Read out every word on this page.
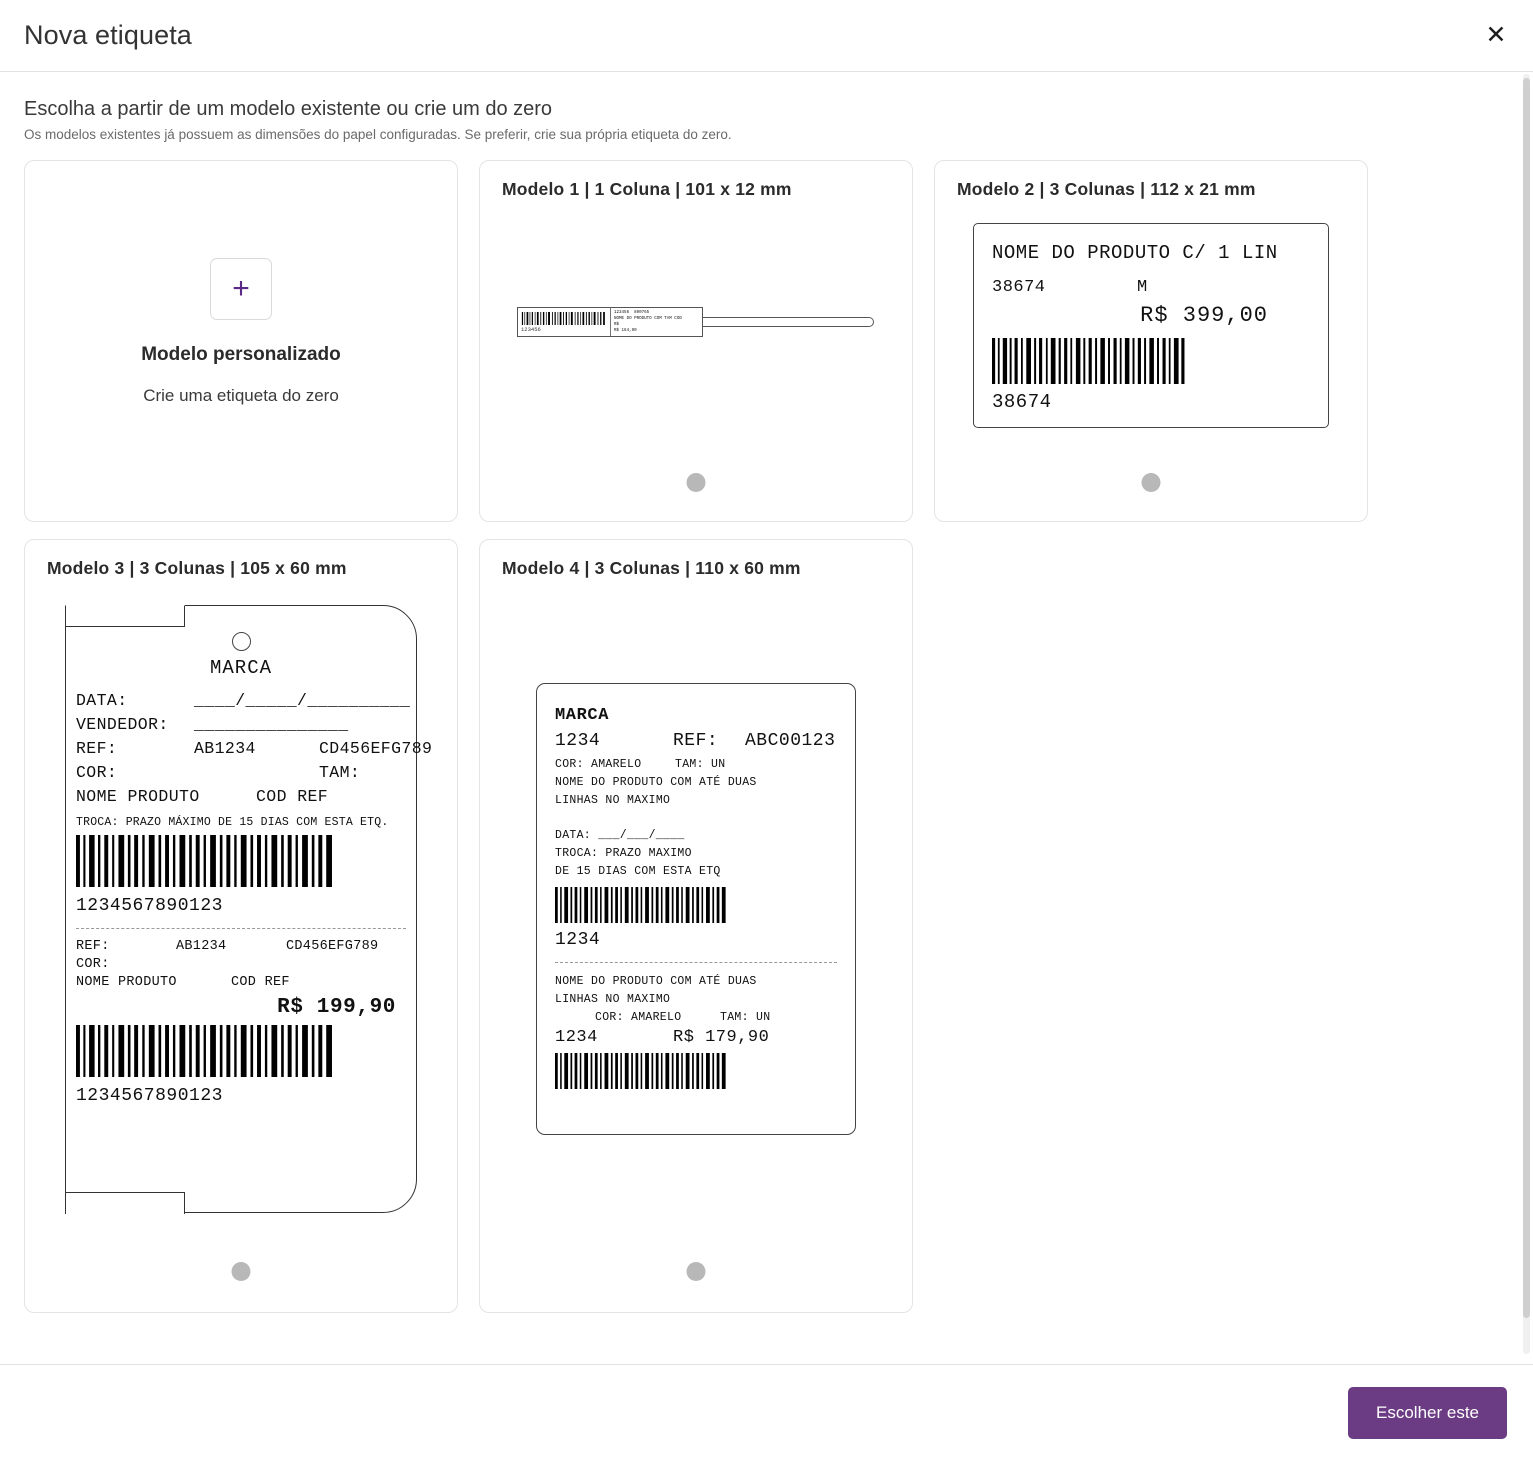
Nova etiqueta	✕
Escolha a partir de um modelo existente ou crie um do zero
Os modelos existentes já possuem as dimensões do papel configuradas. Se preferir, crie sua própria etiqueta do zero.
+
Modelo personalizado
Crie uma etiqueta do zero
Modelo 1 | 1 Coluna | 101 x 12 mm
123456
123456 890765
NOME DO PRODUTO COM TAM COD
R$
R$ 164,90
Modelo 2 | 3 Colunas | 112 x 21 mm
NOME DO PRODUTO C/ 1 LIN
38674	M
R$ 399,00
38674
Modelo 3 | 3 Colunas | 105 x 60 mm
MARCA
DATA:	____/_____/__________
VENDEDOR:	_______________
REF:	AB1234	CD456EFG789
COR:	TAM:
NOME PRODUTO	COD REF
TROCA: PRAZO MÁXIMO DE 15 DIAS COM ESTA ETQ.
1234567890123
REF:	AB1234	CD456EFG789
COR:
NOME PRODUTO	COD REF
R$ 199,90
1234567890123
Modelo 4 | 3 Colunas | 110 x 60 mm
MARCA
1234	REF:	ABC00123
COR: AMARELO	TAM: UN
NOME DO PRODUTO COM ATÉ DUAS
LINHAS NO MAXIMO
DATA: ___/___/____
TROCA: PRAZO MAXIMO
DE 15 DIAS COM ESTA ETQ
1234
NOME DO PRODUTO COM ATÉ DUAS
LINHAS NO MAXIMO
COR: AMARELO	TAM: UN
1234	R$ 179,90
Escolher este
